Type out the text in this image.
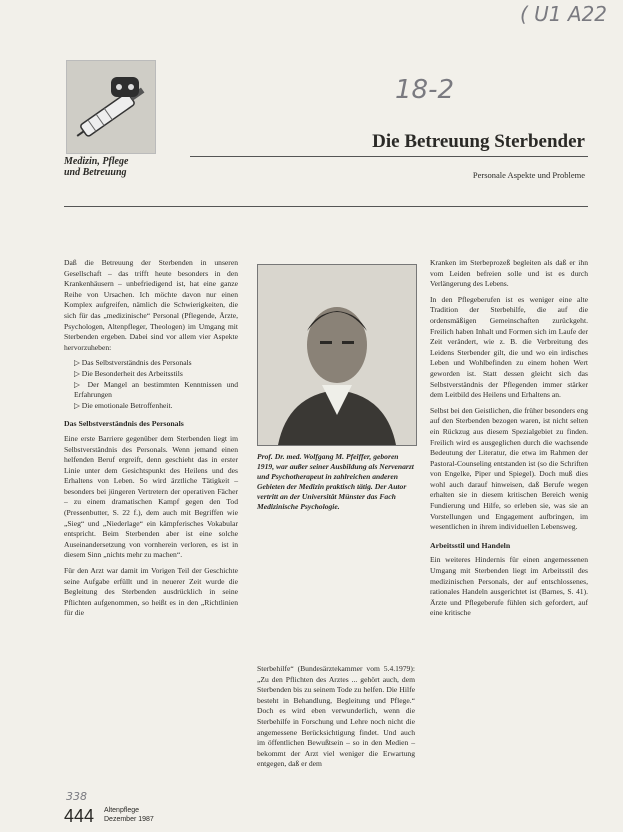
( U1 A22
18-2
338
Medizin, Pflege
und Betreuung
Die Betreuung Sterbender
Personale Aspekte und Probleme

Daß die Betreuung der Sterbenden in unseren Gesellschaft – das trifft heute besonders in den Krankenhäusern – unbefriedigend ist, hat eine ganze Reihe von Ursachen. Ich möchte davon nur einen Komplex aufgreifen, nämlich die Schwierigkeiten, die sich für das „medizinische“ Personal (Pflegende, Ärzte, Psychologen, Altenpfleger, Theologen) im Umgang mit Sterbenden ergeben. Dabei sind vor allem vier Aspekte hervorzuheben:

▷ Das Selbstverständnis des Personals
▷ Die Besonderheit des Arbeitsstils
▷ Der Mangel an bestimmten Kenntnissen und Erfahrungen
▷ Die emotionale Betroffenheit.
Das Selbstverständnis des Personals

Eine erste Barriere gegenüber dem Sterbenden liegt im Selbstverständnis des Personals. Wenn jemand einen helfenden Beruf ergreift, denn geschieht das in erster Linie unter dem Gesichtspunkt des Heilens und des Erhaltens von Leben. So wird ärztliche Tätigkeit – besonders bei jüngeren Vertretern der operativen Fächer – zu einem dramatischen Kampf gegen den Tod (Pressenbutter, S. 22 f.), dem auch mit Begriffen wie „Sieg“ und „Niederlage“ ein kämpferisches Vokabular entspricht. Beim Sterbenden aber ist eine solche Auseinandersetzung von vornherein verloren, es ist in diesem Sinn „nichts mehr zu machen“.

Für den Arzt war damit im Vorigen Teil der Geschichte seine Aufgabe erfüllt und in neuerer Zeit wurde die Begleitung des Sterbenden ausdrücklich in seine Pflichten aufgenommen, so heißt es in den „Richtlinien für die

Prof. Dr. med. Wolfgang M. Pfeiffer, geboren 1919, war außer seiner Ausbildung als Nervenarzt und Psychotherapeut in zahlreichen anderen Gebieten der Medizin praktisch tätig. Der Autor vertritt an der Universität Münster das Fach Medizinische Psychologie.

Sterbehilfe“ (Bundesärztekammer vom 5.4.1979): „Zu den Pflichten des Arztes ... gehört auch, dem Sterbenden bis zu seinem Tode zu helfen. Die Hilfe besteht in Behandlung, Begleitung und Pflege.“ Doch es wird eben verwunderlich, wenn die Sterbehilfe in Forschung und Lehre noch nicht die angemessene Berücksichtigung findet. Und auch im öffentlichen Bewußtsein – so in den Medien – bekommt der Arzt viel weniger die Erwartung entgegen, daß er dem

Kranken im Sterbeprozeß begleiten als daß er ihn vom Leiden befreien solle und ist es durch Verlängerung des Lebens.

In den Pflegeberufen ist es weniger eine alte Tradition der Sterbehilfe, die auf die ordensmäßigen Gemeinschaften zurückgeht. Freilich haben Inhalt und Formen sich im Laufe der Zeit verändert, wie z. B. die Verbreitung des Leidens Sterbender gilt, die und wo ein irdisches Leben und Wohlbefinden zu einem hohen Wert geworden ist. Statt dessen gleicht sich das Selbstverständnis der Pflegenden immer stärker dem Leitbild des Heilens und Erhaltens an.

Selbst bei den Geistlichen, die früher besonders eng auf den Sterbenden bezogen waren, ist nicht selten ein Rückzug aus diesem Spezialgebiet zu finden. Freilich wird es ausgeglichen durch die wachsende Bedeutung der Literatur, die etwa im Rahmen der Pastoral-Counseling entstanden ist (so die Schriften von Engelke, Piper und Spiegel). Doch muß dies wohl auch darauf hinweisen, daß Berufe wegen erhalten sie in diesem kritischen Bereich wenig Fundierung und Hilfe, so erleben sie, was sie an Vorstellungen und Engagement aufbringen, im wesentlichen in ihrem individuellen Lebensweg.

Arbeitsstil und Handeln

Ein weiteres Hindernis für einen angemessenen Umgang mit Sterbenden liegt im Arbeitsstil des medizinischen Personals, der auf entschlossenes, rationales Handeln ausgerichtet ist (Barnes, S. 41). Ärzte und Pflegeberufe fühlen sich gefordert, auf eine kritische

444 Altenpflege
Dezember 1987
